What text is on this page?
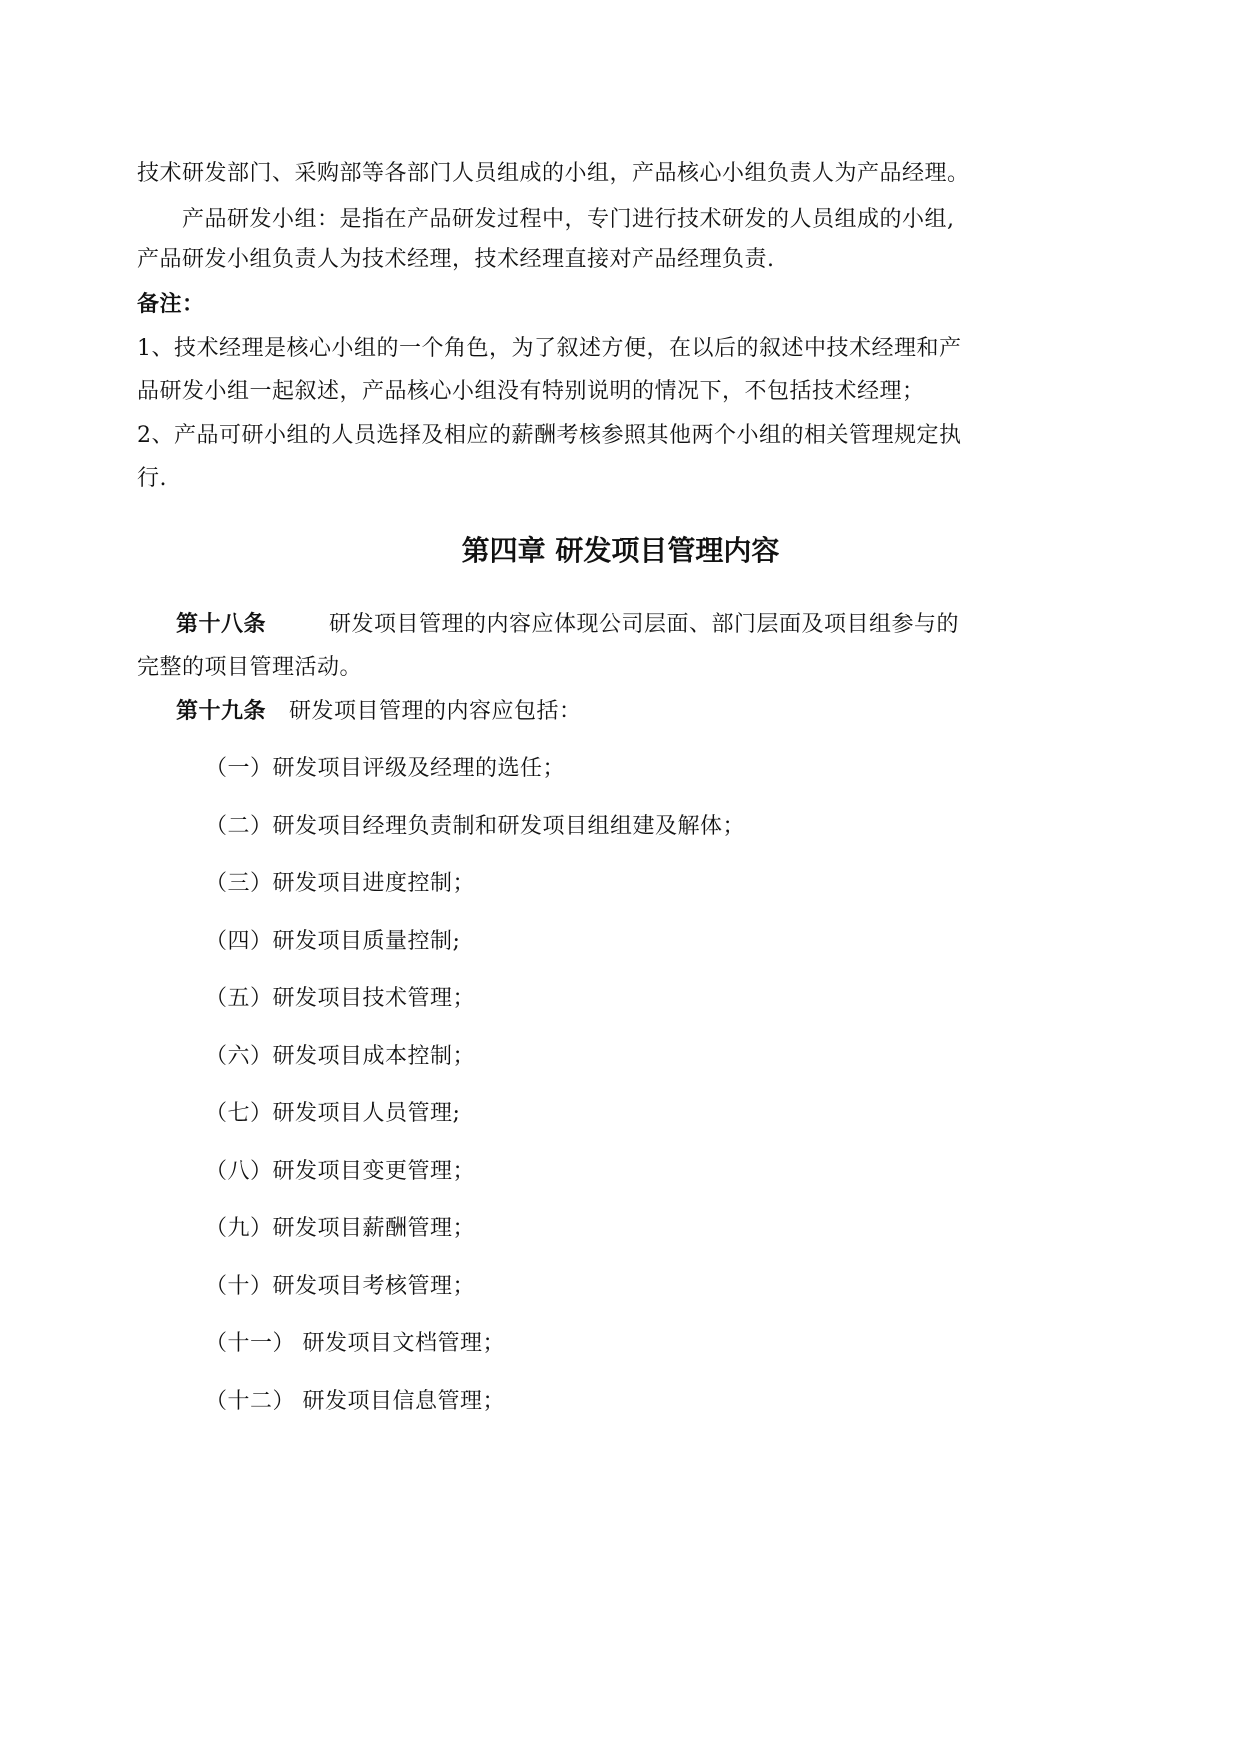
技术研发部门、采购部等各部门人员组成的小组，产品核心小组负责人为产品经理。
产品研发小组：是指在产品研发过程中，专门进行技术研发的人员组成的小组,
产品研发小组负责人为技术经理，技术经理直接对产品经理负责.
备注：
1、技术经理是核心小组的一个角色，为了叙述方便，在以后的叙述中技术经理和产
品研发小组一起叙述，产品核心小组没有特别说明的情况下，不包括技术经理；
2、产品可研小组的人员选择及相应的薪酬考核参照其他两个小组的相关管理规定执
行.
第四章 研发项目管理内容
第十八条	研发项目管理的内容应体现公司层面、部门层面及项目组参与的
完整的项目管理活动。
第十九条 研发项目管理的内容应包括：
（一）研发项目评级及经理的选任；
（二）研发项目经理负责制和研发项目组组建及解体；
（三）研发项目进度控制；
（四）研发项目质量控制;
（五）研发项目技术管理；
（六）研发项目成本控制；
（七）研发项目人员管理;
（八）研发项目变更管理；
（九）研发项目薪酬管理；
（十）研发项目考核管理；
（十一） 研发项目文档管理；
（十二） 研发项目信息管理；
